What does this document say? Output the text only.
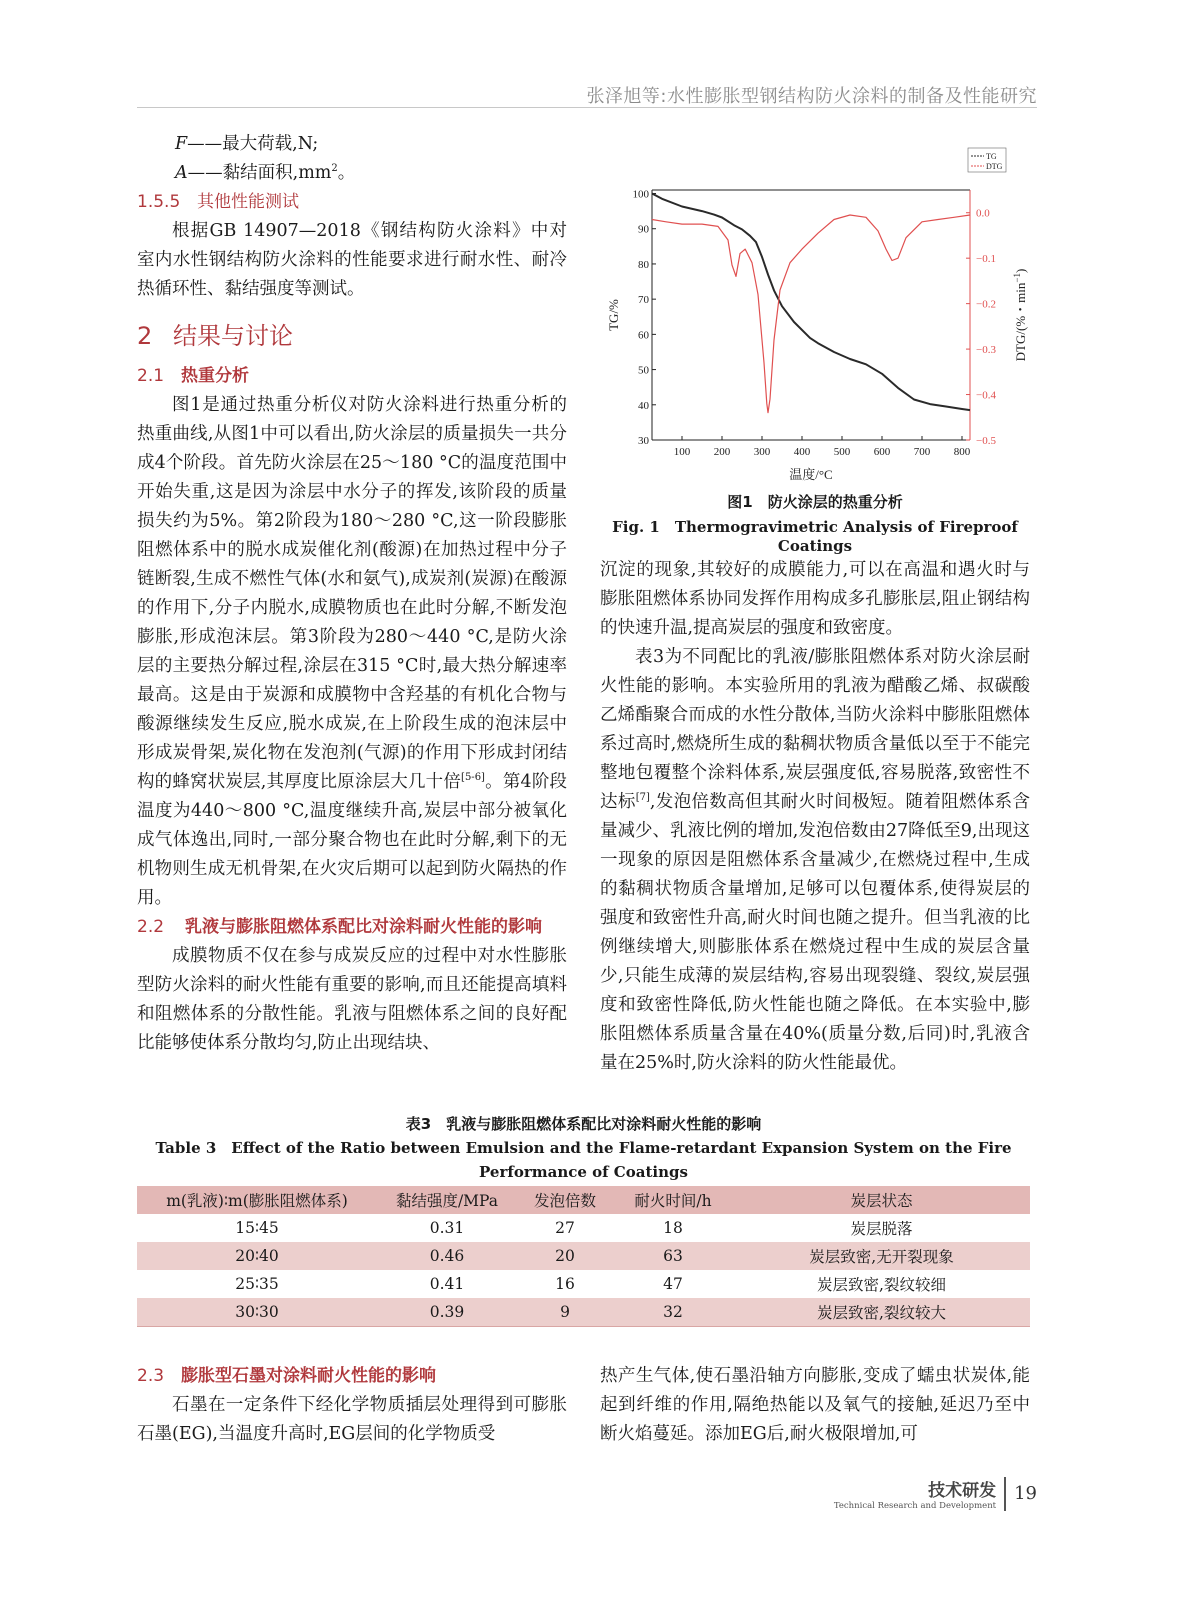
张泽旭等:水性膨胀型钢结构防火涂料的制备及性能研究

F——最大荷载,N;

A——黏结面积$,mm^2$。

1.5.5 其他性能测试

根据GB 14907—2018《钢结构防火涂料》中对室内水性钢结构防火涂料的性能要求进行耐水性、耐冷热循环性、黏结强度等测试。

2 结果与讨论
2.1 热重分析

图1是通过热重分析仪对防火涂料进行热重分析的热重曲线,从图1中可以看出,防火涂层的质量损失一共分成4个阶段。首先防火涂层在25～180 °C的温度范围中开始失重,这是因为涂层中水分子的挥发,该阶段的质量损失约为5%。第2阶段为180～280 °C,这一阶段膨胀阻燃体系中的脱水成炭催化剂(酸源)在加热过程中分子链断裂,生成不燃性气体(水和氨气),成炭剂(炭源)在酸源的作用下,分子内脱水,成膜物质也在此时分解,不断发泡膨胀,形成泡沫层。第3阶段为280～440 °C,是防火涂层的主要热分解过程,涂层在315 °C时,最大热分解速率最高。这是由于炭源和成膜物中含羟基的有机化合物与酸源继续发生反应,脱水成炭,在上阶段生成的泡沫层中形成炭骨架,炭化物在发泡剂(气源)的作用下形成封闭结构的蜂窝状炭层,其厚度比原涂层大几十倍[5-6]。第4阶段温度为440～800 °C,温度继续升高,炭层中部分被氧化成气体逸出,同时,一部分聚合物也在此时分解,剩下的无机物则生成无机骨架,在火灾后期可以起到防火隔热的作用。

2.2	乳液与膨胀阻燃体系配比对涂料耐火性能的影响

成膜物质不仅在参与成炭反应的过程中对水性膨胀型防火涂料的耐火性能有重要的影响,而且还能提高填料和阻燃体系的分散性能。乳液与阻燃体系之间的良好配比能够使体系分散均匀,防止出现结块、

100 200 300 400 500 600 700 800
30
40
50
60
70
80
90
100
0.0
−0.1
−0.2
−0.3
−0.4
−0.5
温度/°C
TG/%	DTG/(%・$\min^{-1}$)
TG
DTG
图1　防火涂层的热重分析
Fig. 1　Thermogravimetric Analysis of Fireproof Coatings

沉淀的现象,其较好的成膜能力,可以在高温和遇火时与膨胀阻燃体系协同发挥作用构成多孔膨胀层,阻止钢结构的快速升温,提高炭层的强度和致密度。

表3为不同配比的乳液/膨胀阻燃体系对防火涂层耐火性能的影响。本实验所用的乳液为醋酸乙烯、叔碳酸乙烯酯聚合而成的水性分散体,当防火涂料中膨胀阻燃体系过高时,燃烧所生成的黏稠状物质含量低以至于不能完整地包覆整个涂料体系,炭层强度低,容易脱落,致密性不达标[7],发泡倍数高但其耐火时间极短。随着阻燃体系含量减少、乳液比例的增加,发泡倍数由27降低至9,出现这一现象的原因是阻燃体系含量减少,在燃烧过程中,生成的黏稠状物质含量增加,足够可以包覆体系,使得炭层的强度和致密性升高,耐火时间也随之提升。但当乳液的比例继续增大,则膨胀体系在燃烧过程中生成的炭层含量少,只能生成薄的炭层结构,容易出现裂缝、裂纹,炭层强度和致密性降低,防火性能也随之降低。在本实验中,膨胀阻燃体系质量含量在40%(质量分数,后同)时,乳液含量在25%时,防火涂料的防火性能最优。

表3　乳液与膨胀阻燃体系配比对涂料耐火性能的影响
Table 3　Effect of the Ratio between Emulsion and the Flame-retardant Expansion System on the Fire Performance of Coatings
m(乳液)∶m(膨胀阻燃体系)	黏结强度/MPa	发泡倍数	耐火时间/h	炭层状态
15∶45	0.31	27	18	炭层脱落
20∶40	0.46	20	63	炭层致密,无开裂现象
25∶35	0.41	16	47	炭层致密,裂纹较细
30∶30	0.39	9	32	炭层致密,裂纹较大
2.3 膨胀型石墨对涂料耐火性能的影响

石墨在一定条件下经化学物质插层处理得到可膨胀石墨(EG),当温度升高时,EG层间的化学物质受

热产生气体,使石墨沿轴方向膨胀,变成了蠕虫状炭体,能起到纤维的作用,隔绝热能以及氧气的接触,延迟乃至中断火焰蔓延。添加EG后,耐火极限增加,可

技术研发
Technical Research and Development
19
